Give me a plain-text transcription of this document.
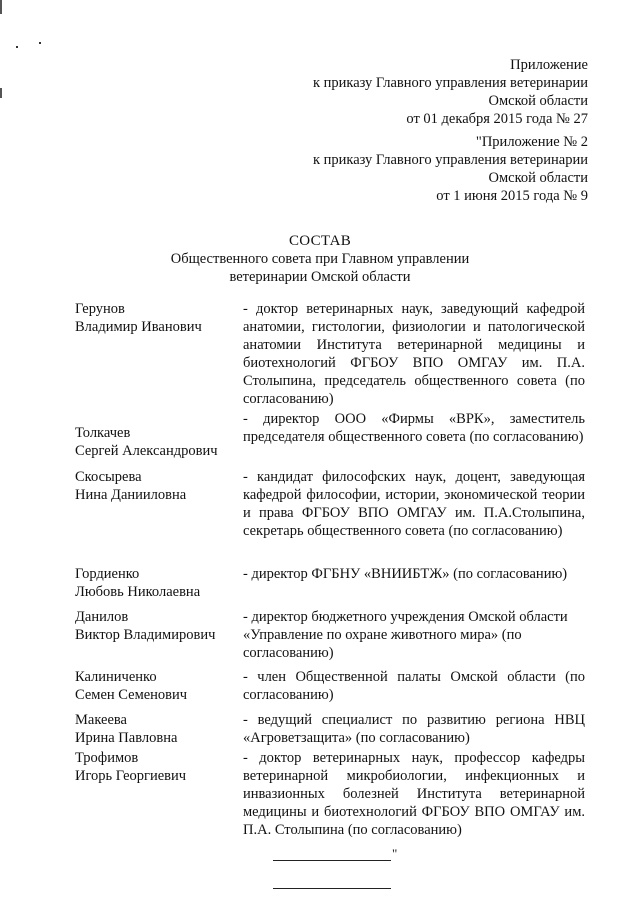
Приложение
к приказу Главного управления ветеринарии
Омской области
от 01 декабря 2015 года № 27
"Приложение № 2
к приказу Главного управления ветеринарии
Омской области
от 1 июня 2015 года № 9
СОСТАВ
Общественного совета при Главном управлении
ветеринарии Омской области
Герунов
Владимир Иванович
- доктор ветеринарных наук, заведующий кафедрой анатомии, гистологии, физиологии и патологической анатомии Института ветеринарной медицины и биотехнологий ФГБОУ ВПО ОМГАУ им. П.А. Столыпина, председатель общественного совета (по согласованию)
Толкачев
Сергей Александрович
- директор ООО «Фирмы «ВРК», заместитель председателя общественного совета (по согласованию)
Скосырева
Нина Данииловна
- кандидат философских наук, доцент, заведующая кафедрой философии, истории, экономической теории и права ФГБОУ ВПО ОМГАУ им. П.А.Столыпина, секретарь общественного совета (по согласованию)
Гордиенко
Любовь Николаевна
- директор ФГБНУ «ВНИИБТЖ» (по согласованию)
Данилов
Виктор Владимирович
- директор бюджетного учреждения Омской области «Управление по охране животного мира» (по согласованию)
Калиниченко
Семен Семенович
- член Общественной палаты Омской области (по согласованию)
Макеева
Ирина Павловна
- ведущий специалист по развитию региона НВЦ «Агроветзащита» (по согласованию)
Трофимов
Игорь Георгиевич
- доктор ветеринарных наук, профессор кафедры ветеринарной микробиологии, инфекционных и инвазионных болезней Института ветеринарной медицины и биотехнологий ФГБОУ ВПО ОМГАУ им. П.А. Столыпина (по согласованию)
"
